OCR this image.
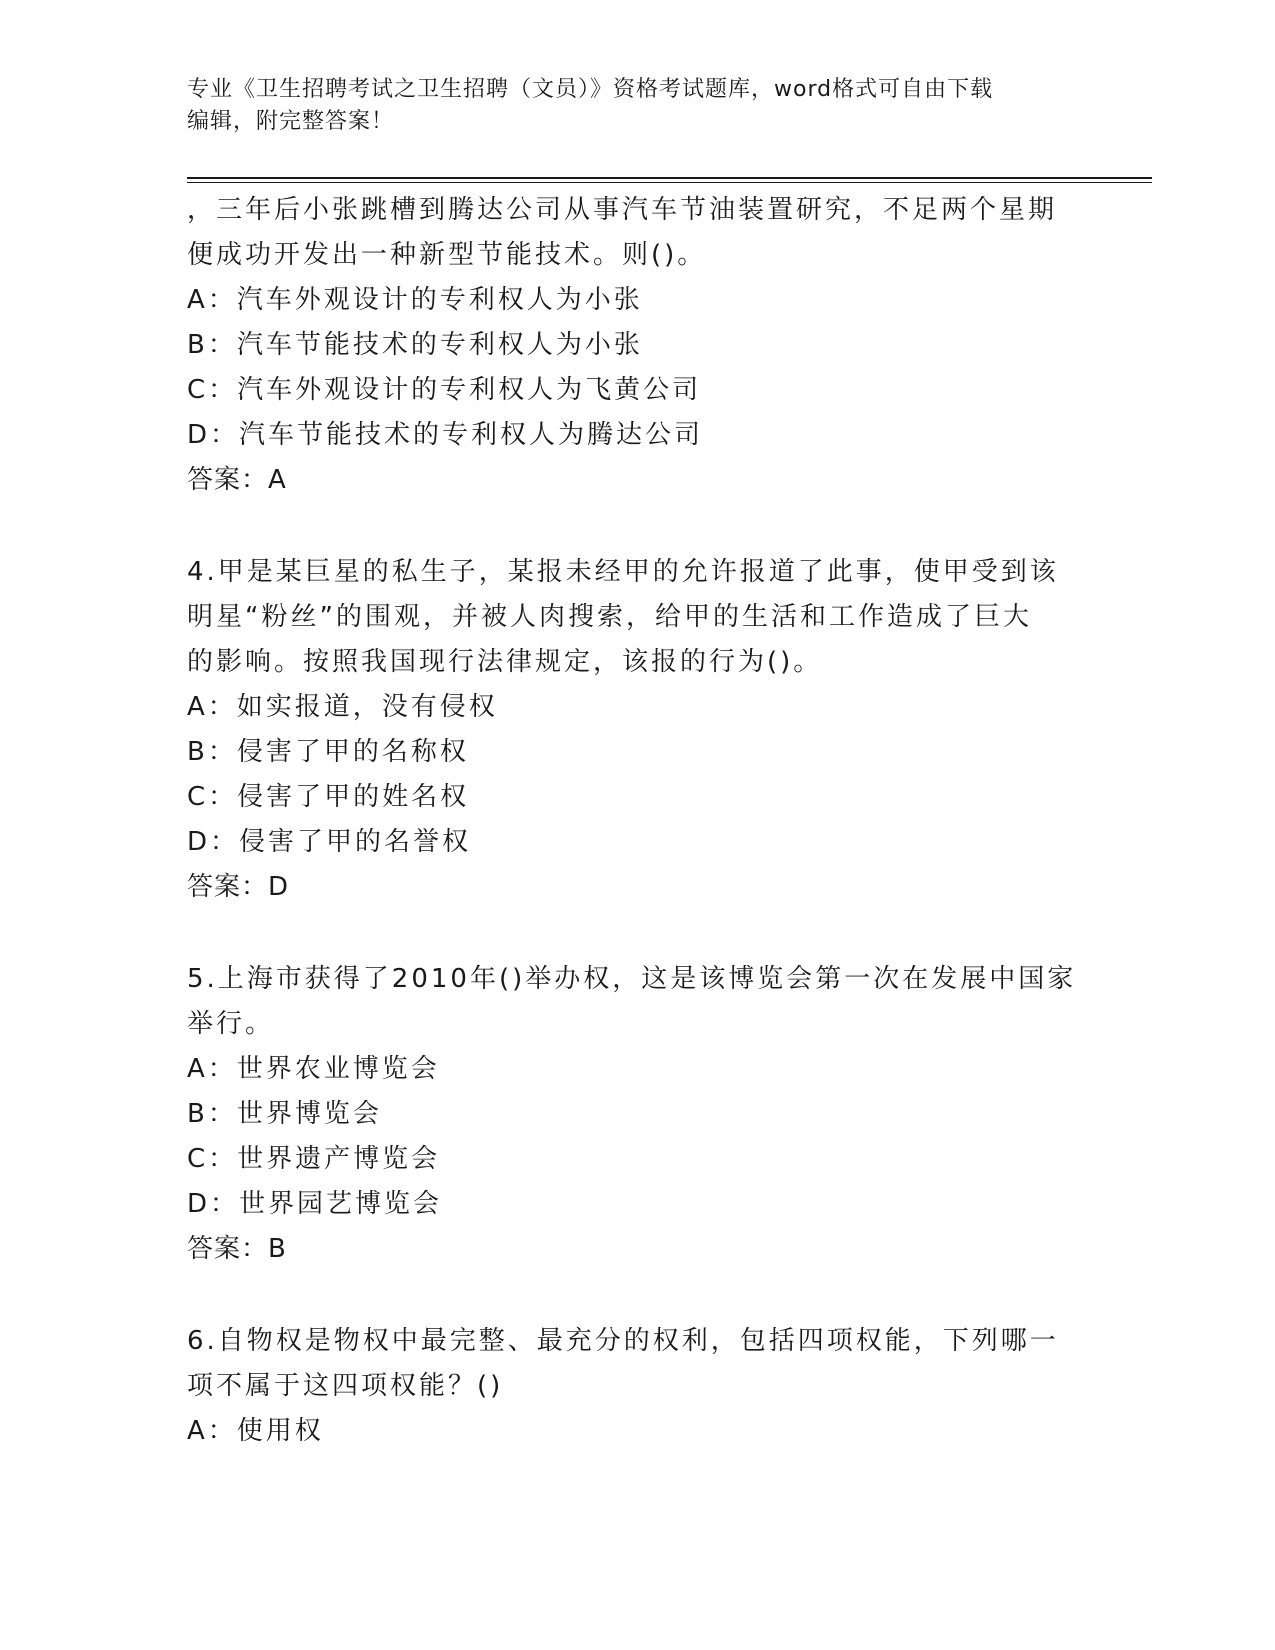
专业《卫生招聘考试之卫生招聘（文员）》资格考试题库，word格式可自由下载
编辑，附完整答案！
，三年后小张跳槽到腾达公司从事汽车节油装置研究，不足两个星期
便成功开发出一种新型节能技术。则()。
A：汽车外观设计的专利权人为小张
B：汽车节能技术的专利权人为小张
C：汽车外观设计的专利权人为飞黄公司
D：汽车节能技术的专利权人为腾达公司
答案：A
4.甲是某巨星的私生子，某报未经甲的允许报道了此事，使甲受到该
明星“粉丝”的围观，并被人肉搜索，给甲的生活和工作造成了巨大
的影响。按照我国现行法律规定，该报的行为()。
A：如实报道，没有侵权
B：侵害了甲的名称权
C：侵害了甲的姓名权
D：侵害了甲的名誉权
答案：D
5.上海市获得了2010年()举办权，这是该博览会第一次在发展中国家
举行。
A：世界农业博览会
B：世界博览会
C：世界遗产博览会
D：世界园艺博览会
答案：B
6.自物权是物权中最完整、最充分的权利，包括四项权能，下列哪一
项不属于这四项权能？()
A：使用权
